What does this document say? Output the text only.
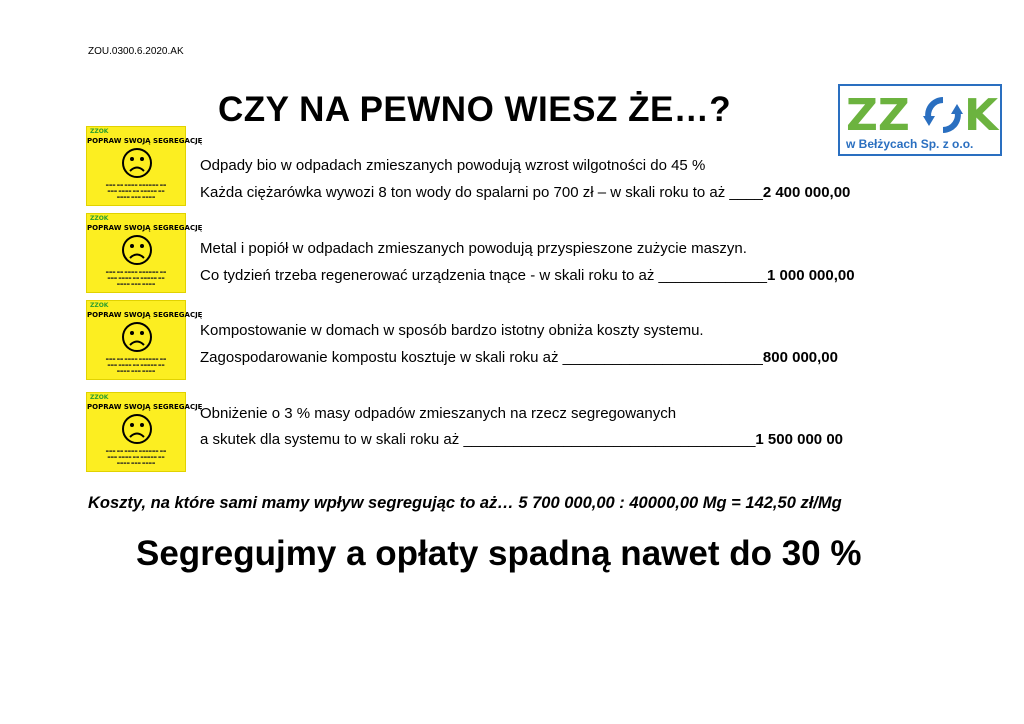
ZOU.0300.6.2020.AK
CZY NA PEWNO WIESZ ŻE…?	ZZ K
w Bełżycach Sp. z o.o.
ZZOK
POPRAW SWOJĄ SEGREGACJĘ
▬▬▬ ▬▬ ▬▬▬▬ ▬▬▬▬▬▬ ▬▬
▬▬▬ ▬▬▬▬ ▬▬ ▬▬▬▬▬ ▬▬
▬▬▬▬ ▬▬▬ ▬▬▬▬
ZZOK
POPRAW SWOJĄ SEGREGACJĘ
▬▬▬ ▬▬ ▬▬▬▬ ▬▬▬▬▬▬ ▬▬
▬▬▬ ▬▬▬▬ ▬▬ ▬▬▬▬▬ ▬▬
▬▬▬▬ ▬▬▬ ▬▬▬▬
ZZOK
POPRAW SWOJĄ SEGREGACJĘ
▬▬▬ ▬▬ ▬▬▬▬ ▬▬▬▬▬▬ ▬▬
▬▬▬ ▬▬▬▬ ▬▬ ▬▬▬▬▬ ▬▬
▬▬▬▬ ▬▬▬ ▬▬▬▬
ZZOK
POPRAW SWOJĄ SEGREGACJĘ
▬▬▬ ▬▬ ▬▬▬▬ ▬▬▬▬▬▬ ▬▬
▬▬▬ ▬▬▬▬ ▬▬ ▬▬▬▬▬ ▬▬
▬▬▬▬ ▬▬▬ ▬▬▬▬
Odpady bio w odpadach zmieszanych powodują wzrost wilgotności do 45 %
Każda ciężarówka wywozi 8 ton wody do spalarni po 700 zł – w skali roku to aż ____2 400 000,00
Metal i popiół w odpadach zmieszanych powodują przyspieszone zużycie maszyn.
Co tydzień trzeba regenerować urządzenia tnące - w skali roku to aż _____________1 000 000,00
Kompostowanie w domach w sposób bardzo istotny obniża koszty systemu.
Zagospodarowanie kompostu kosztuje w skali roku aż ________________________800 000,00
Obniżenie o 3 % masy odpadów zmieszanych na rzecz segregowanych
a skutek dla systemu to w skali roku aż ___________________________________1 500 000 00
Koszty, na które sami mamy wpływ segregując to aż… 5 700 000,00 : 40000,00 Mg = 142,50 zł/Mg
Segregujmy a opłaty spadną nawet do 30 %
